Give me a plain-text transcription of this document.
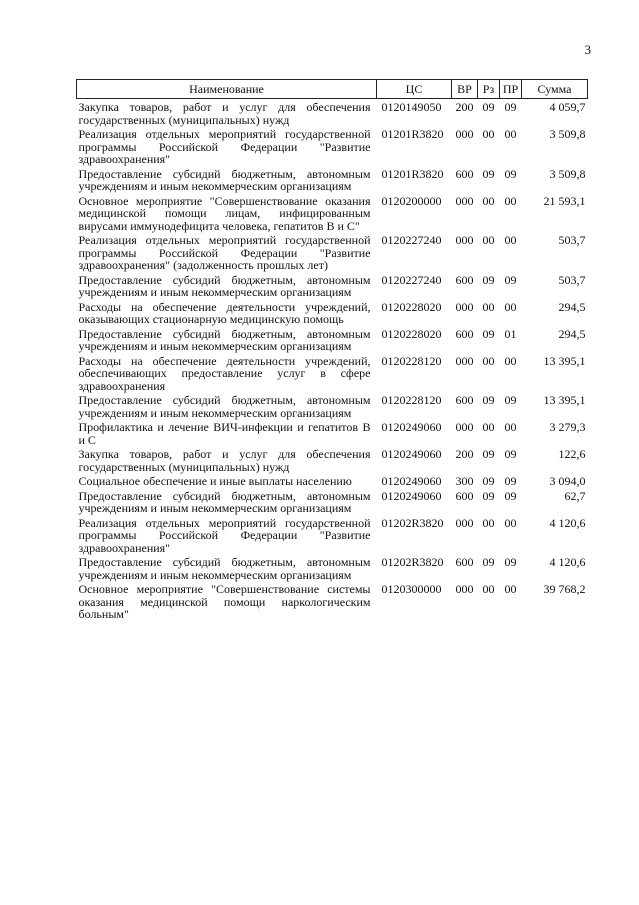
3
Наименование	ЦС	ВР	Рз	ПР	Сумма
Закупка товаров, работ и услуг для обеспечения государственных (муниципальных) нужд	0120149050	200	09	09	4 059,7
Реализация отдельных мероприятий государственной программы Российской Федерации "Развитие здравоохранения"	01201R3820	000	00	00	3 509,8
Предоставление субсидий бюджетным, автономным учреждениям и иным некоммерческим организациям	01201R3820	600	09	09	3 509,8
Основное мероприятие "Совершенствование оказания медицинской помощи лицам, инфицированным вирусами иммунодефицита человека, гепатитов В и С"	0120200000	000	00	00	21 593,1
Реализация отдельных мероприятий государственной программы Российской Федерации "Развитие здравоохранения" (задолженность прошлых лет)	0120227240	000	00	00	503,7
Предоставление субсидий бюджетным, автономным учреждениям и иным некоммерческим организациям	0120227240	600	09	09	503,7
Расходы на обеспечение деятельности учреждений, оказывающих стационарную медицинскую помощь	0120228020	000	00	00	294,5
Предоставление субсидий бюджетным, автономным учреждениям и иным некоммерческим организациям	0120228020	600	09	01	294,5
Расходы на обеспечение деятельности учреждений, обеспечивающих предоставление услуг в сфере здравоохранения	0120228120	000	00	00	13 395,1
Предоставление субсидий бюджетным, автономным учреждениям и иным некоммерческим организациям	0120228120	600	09	09	13 395,1
Профилактика и лечение ВИЧ-инфекции и гепатитов В и С	0120249060	000	00	00	3 279,3
Закупка товаров, работ и услуг для обеспечения государственных (муниципальных) нужд	0120249060	200	09	09	122,6
Социальное обеспечение и иные выплаты населению	0120249060	300	09	09	3 094,0
Предоставление субсидий бюджетным, автономным учреждениям и иным некоммерческим организациям	0120249060	600	09	09	62,7
Реализация отдельных мероприятий государственной программы Российской Федерации "Развитие здравоохранения"	01202R3820	000	00	00	4 120,6
Предоставление субсидий бюджетным, автономным учреждениям и иным некоммерческим организациям	01202R3820	600	09	09	4 120,6
Основное мероприятие "Совершенствование системы оказания медицинской помощи наркологическим больным"	0120300000	000	00	00	39 768,2
